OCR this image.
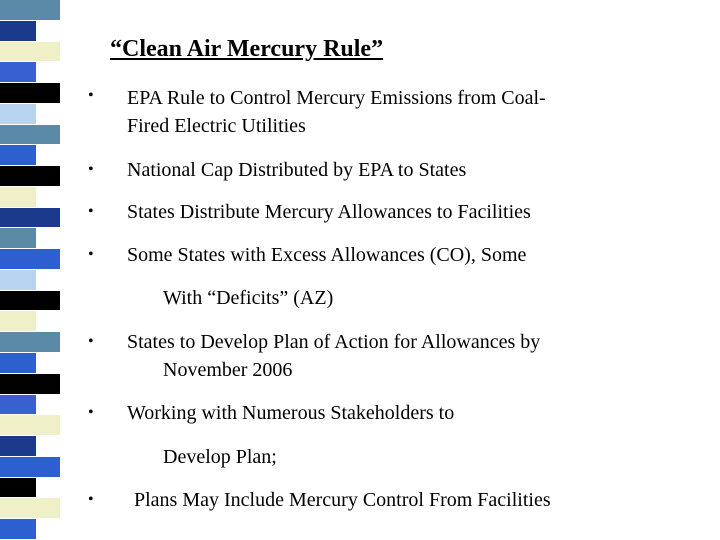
“Clean Air Mercury Rule”
• EPA Rule to Control Mercury Emissions from Coal-
Fired Electric Utilities
• National Cap Distributed by EPA to States
• States Distribute Mercury Allowances to Facilities
• Some States with Excess Allowances (CO), Some
With “Deficits” (AZ)
• States to Develop Plan of Action for Allowances by
November 2006
• Working with Numerous Stakeholders to
Develop Plan;
• Plans May Include Mercury Control From Facilities
